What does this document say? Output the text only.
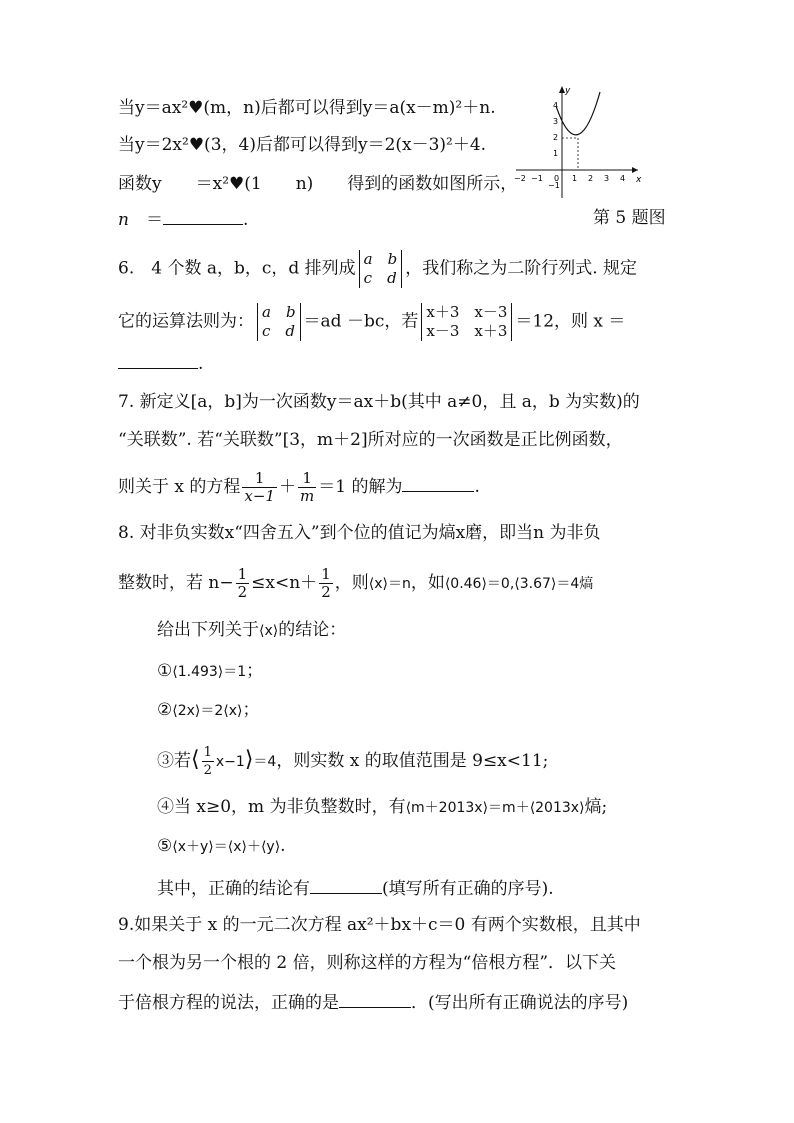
当y＝ax²♥(m，n)后都可以得到y＝a(x－m)²＋n.
当y＝2x²♥(3，4)后都可以得到y＝2(x－3)²＋4.
函数y　　＝x²♥(1　　n)　　得到的函数如图所示，
n　＝	.	第 5 题图
x
y
−2 −1 0 1 2 3 4
4
3
2
1
−1
6.　4 个数 a，b，c，d 排列成 a　b
c　d ，我们称之为二阶行列式. 规定
它的运算法则为： a　b
c　d ＝ad －bc，若 x＋3　x－3
x－3　x＋3 ＝12，则 x ＝
.
7. 新定义[a，b]为一次函数y＝ax＋b(其中 a≠0，且 a，b 为实数)的
“关联数”. 若“关联数”[3，m＋2]所对应的一次函数是正比例函数，
则关于 x 的方程 $\frac{1}{x-1} + \frac{1}{m} =1$ 的解为	.
8. 对非负实数x“四舍五入”到个位的值记为熇x磨，即当n 为非负
整数时，若 $n- \frac{1}{2} \le x<n+ \frac{1}{2}$ ，则⟨x⟩＝n，如⟨0.46⟩＝0,⟨3.67⟩＝4熇
给出下列关于⟨x⟩的结论：
①⟨1.493⟩＝1；
②⟨2x⟩＝2⟨x⟩；
③若⟨ $\frac{1}{2}$ x−1⟩＝4，则实数 x 的取值范围是 9≤x<11;
④当 x≥0，m 为非负整数时，有⟨m＋2013x⟩＝m＋⟨2013x⟩熇;
⑤⟨x＋y⟩＝⟨x⟩＋⟨y⟩.
其中，正确的结论有	(填写所有正确的序号).
9.如果关于 x 的一元二次方程 ax²＋bx＋c＝0 有两个实数根，且其中
一个根为另一个根的 2 倍，则称这样的方程为“倍根方程”．以下关
于倍根方程的说法，正确的是	．(写出所有正确说法的序号)
